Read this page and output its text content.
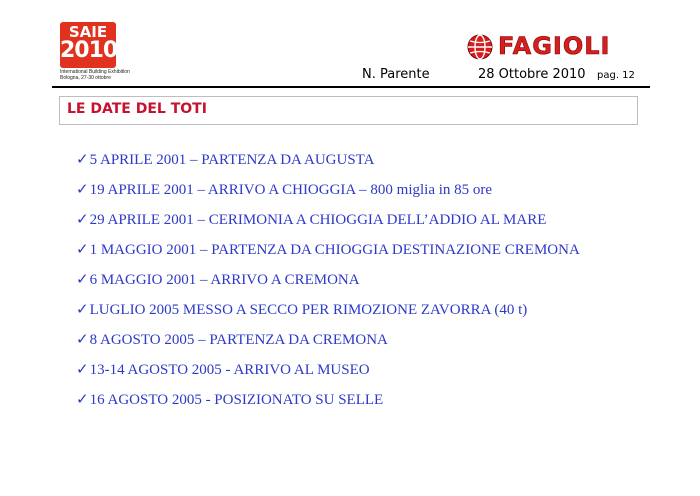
SAIE
2010
International Building Exhibition
Bologna, 27-30 ottobre
FAGIOLI
N. Parente	28 Ottobre 2010 pag. 12
LE DATE DEL TOTI
✓5 APRILE 2001 – PARTENZA DA AUGUSTA
✓19 APRILE 2001 – ARRIVO A CHIOGGIA – 800 miglia in 85 ore
✓29 APRILE 2001 – CERIMONIA A CHIOGGIA DELL’ADDIO AL MARE
✓1 MAGGIO 2001 – PARTENZA DA CHIOGGIA DESTINAZIONE CREMONA
✓6 MAGGIO 2001 – ARRIVO A CREMONA
✓LUGLIO 2005 MESSO A SECCO PER RIMOZIONE ZAVORRA (40 t)
✓8 AGOSTO 2005 – PARTENZA DA CREMONA
✓13-14 AGOSTO 2005 - ARRIVO AL MUSEO
✓16 AGOSTO 2005 - POSIZIONATO SU SELLE
